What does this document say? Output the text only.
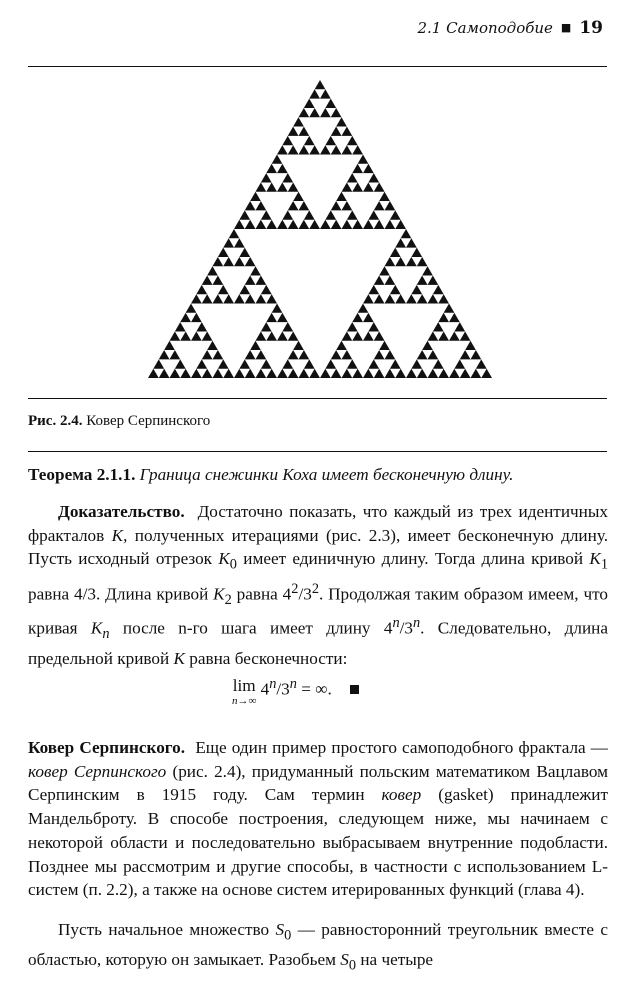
2.1 Самоподобие ■ 19
Рис. 2.4. Ковер Серпинского

Теорема 2.1.1. Граница снежинки Коха имеет бесконечную длину.

Доказательство. Достаточно показать, что каждый из трех идентичных фракталов K, полученных итерациями (рис. 2.3), имеет бесконечную длину. Пусть исходный отрезок $K_0$ имеет единичную длину. Тогда длина кривой $K_1$ равна 4/3. Длина кривой $K_2$ равна $4^2/3^2$. Продолжая таким образом имеем, что кривая $K_n$ после n-го шага имеет длину 4$^n$/3$^n$. Следовательно, длина предельной кривой K равна бесконечности:

lim
n→∞
$4^n/3^n$ = ∞.

Ковер Серпинского. Еще один пример простого самоподобного фрактала — ковер Серпинского (рис. 2.4), придуманный польским математиком Вацлавом Серпинским в 1915 году. Сам термин ковер (gasket) принадлежит Мандельброту. В способе построения, следующем ниже, мы начинаем с некоторой области и последовательно выбрасываем внутренние подобласти. Позднее мы рассмотрим и другие способы, в частности с использованием L-систем (п. 2.2), а также на основе систем итерированных функций (глава 4).

Пусть начальное множество $S_0$ — равносторонний треугольник вместе с областью, которую он замыкает. Разобьем $S_0$ на четыре
